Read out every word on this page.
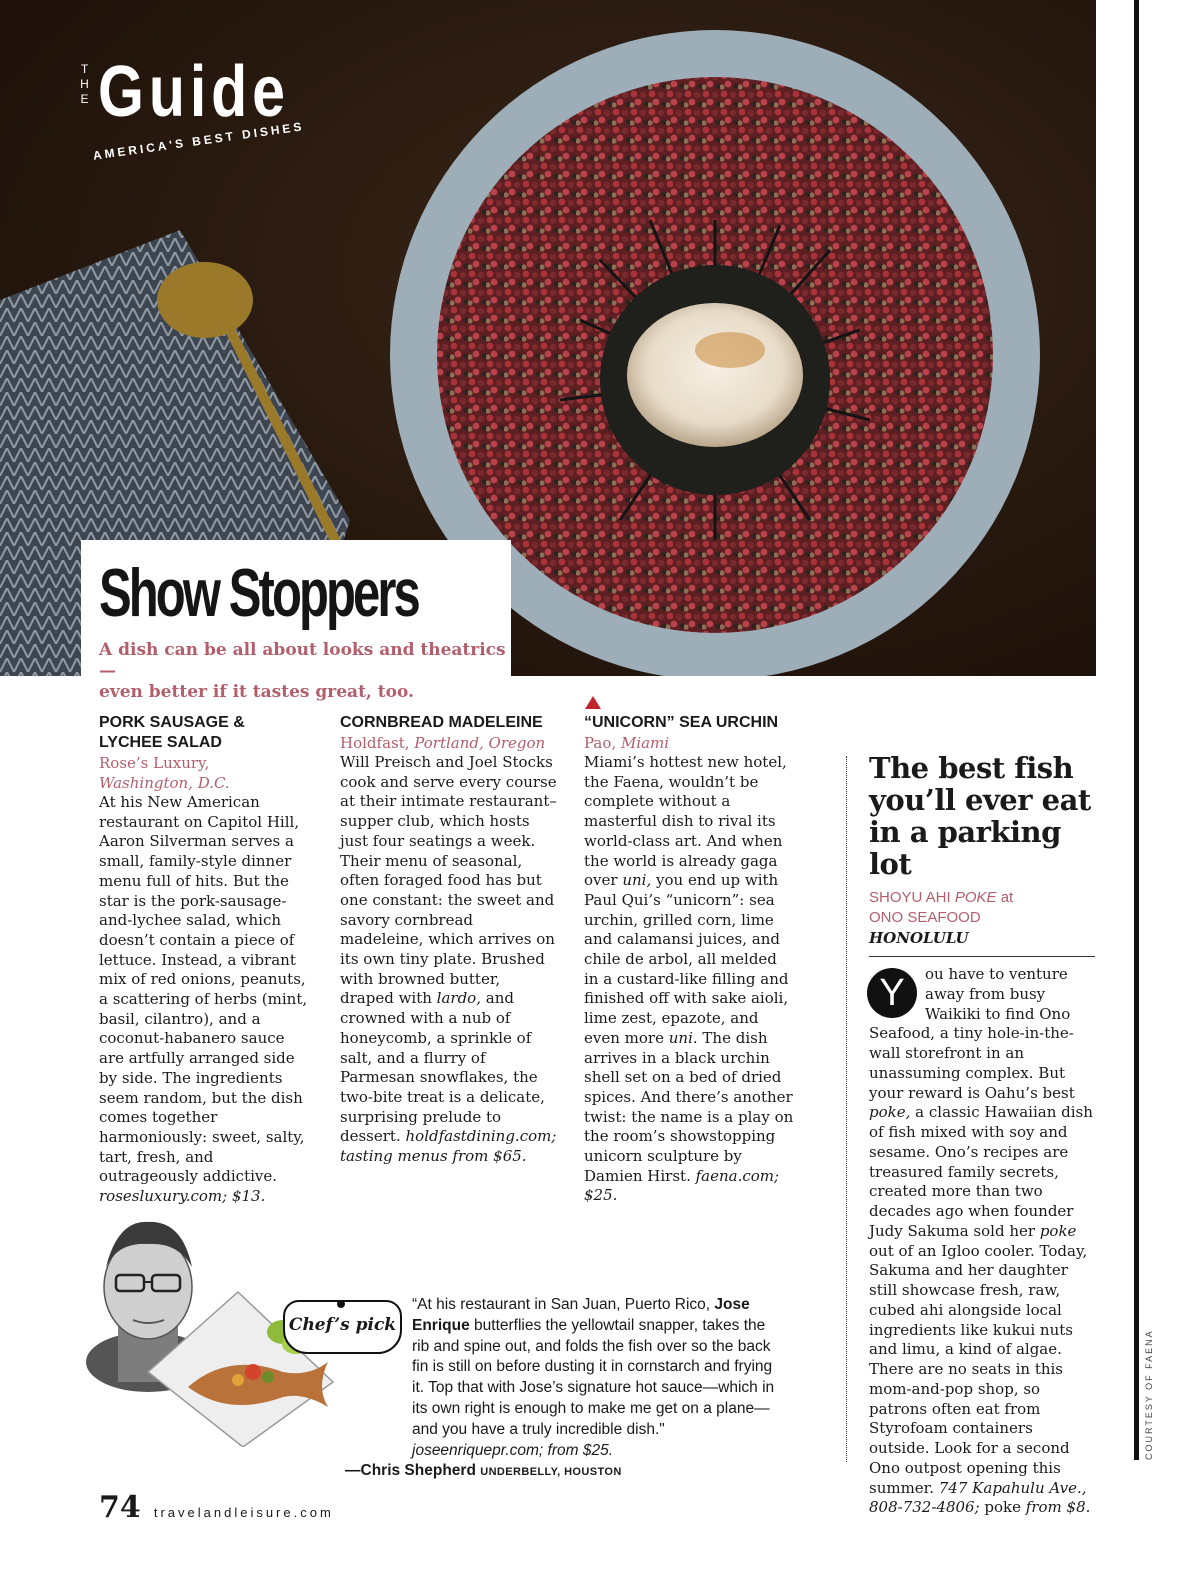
T
H
E Guide
AMERICA'S BEST DISHES
Show Stoppers
A dish can be all about looks and theatrics—
even better if it tastes great, too.
PORK SAUSAGE &
LYCHEE SALAD
Rose’s Luxury,
Washington, D.C.
At his New American restaurant on Capitol Hill, Aaron Silverman serves a small, family-style dinner menu full of hits. But the star is the pork-sausage-and-lychee salad, which doesn’t contain a piece of lettuce. Instead, a vibrant mix of red onions, peanuts, a scattering of herbs (mint, basil, cilantro), and a coconut-habanero sauce are artfully arranged side by side. The ingredients seem random, but the dish comes together harmoniously: sweet, salty, tart, fresh, and outrageously addictive. rosesluxury.com; $13.
CORNBREAD MADELEINE
Holdfast, Portland, Oregon
Will Preisch and Joel Stocks cook and serve every course at their intimate restaurant–supper club, which hosts just four seatings a week. Their menu of seasonal, often foraged food has but one constant: the sweet and savory cornbread madeleine, which arrives on its own tiny plate. Brushed with browned butter, draped with lardo, and crowned with a nub of honeycomb, a sprinkle of salt, and a flurry of Parmesan snowflakes, the two-bite treat is a delicate, surprising prelude to dessert. holdfastdining.com; tasting menus from $65.
“UNICORN” SEA URCHIN
Pao, Miami
Miami’s hottest new hotel, the Faena, wouldn’t be complete without a masterful dish to rival its world-class art. And when the world is already gaga over uni, you end up with Paul Qui’s “unicorn”: sea urchin, grilled corn, lime and calamansi juices, and chile de arbol, all melded in a custard-like filling and finished off with sake aioli, lime zest, epazote, and even more uni. The dish arrives in a black urchin shell set on a bed of dried spices. And there’s another twist: the name is a play on the room’s showstopping unicorn sculpture by Damien Hirst. faena.com; $25.
The best fish you’ll ever eat in a parking lot
SHOYU AHI POKE at
ONO SEAFOOD
HONOLULU
Y	ou have to venture away from busy Waikiki to find Ono Seafood, a tiny hole-in-the-wall storefront in an unassuming complex. But your reward is Oahu’s best poke, a classic Hawaiian dish of fish mixed with soy and sesame. Ono’s recipes are treasured family secrets, created more than two decades ago when founder Judy Sakuma sold her poke out of an Igloo cooler. Today, Sakuma and her daughter still showcase fresh, raw, cubed ahi alongside local ingredients like kukui nuts and limu, a kind of algae. There are no seats in this mom-and-pop shop, so patrons often eat from Styrofoam containers outside. Look for a second Ono outpost opening this summer. 747 Kapahulu Ave., 808-732-4806; poke from $8.
Chef’s pick
“At his restaurant in San Juan, Puerto Rico, Jose Enrique butterflies the yellowtail snapper, takes the rib and spine out, and folds the fish over so the back fin is still on before dusting it in cornstarch and frying it. Top that with Jose’s signature hot sauce—which in its own right is enough to make me get on a plane—and you have a truly incredible dish." joseenriquepr.com; from $25.
—Chris Shepherd UNDERBELLY, HOUSTON
74 travelandleisure.com
COURTESY OF FAENA
